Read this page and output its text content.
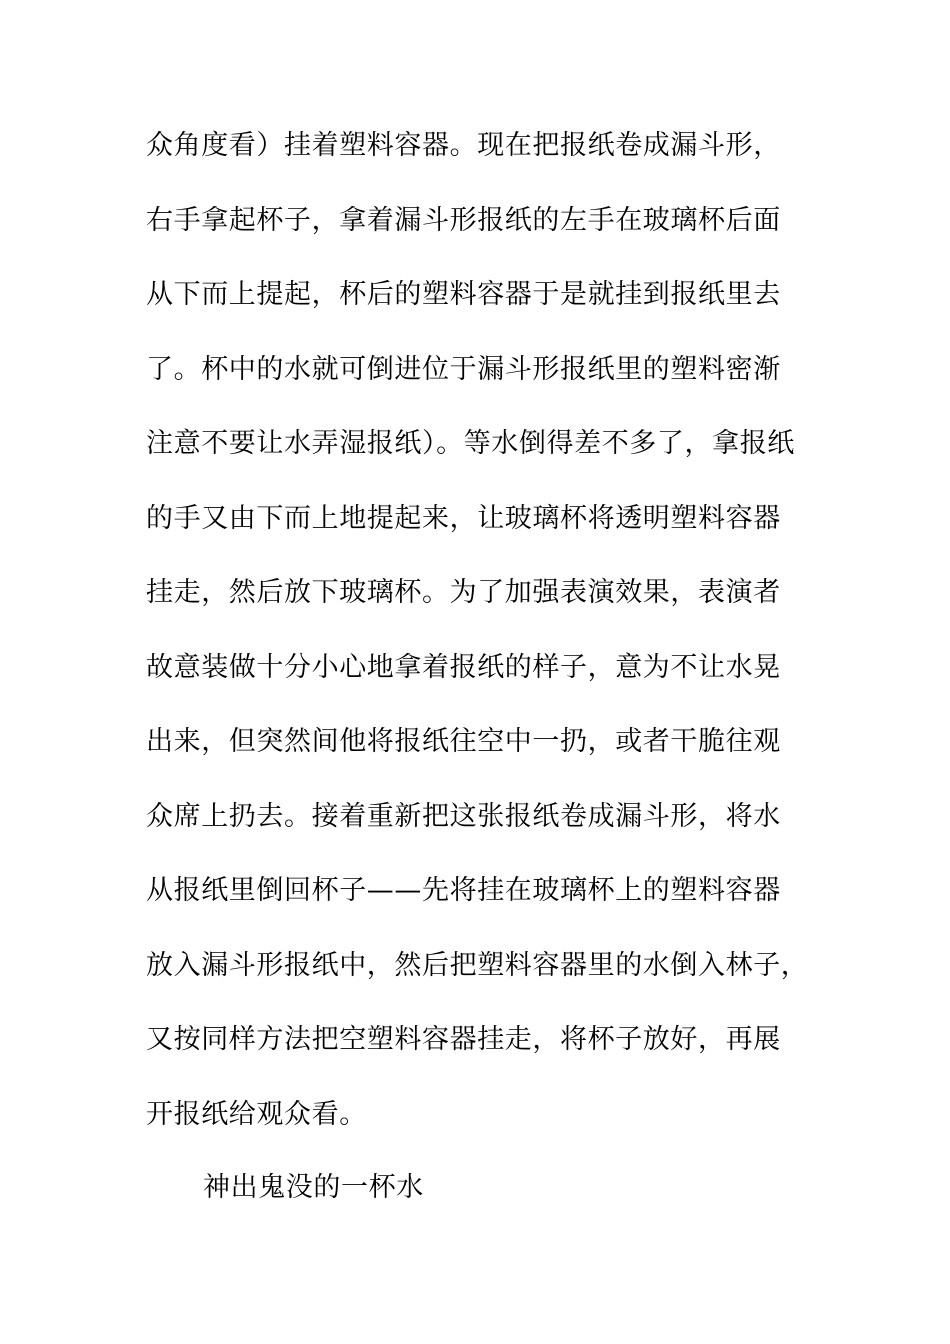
众角度看）挂着塑料容器。现在把报纸卷成漏斗形，
右手拿起杯子，拿着漏斗形报纸的左手在玻璃杯后面
从下而上提起，杯后的塑料容器于是就挂到报纸里去
了。杯中的水就可倒进位于漏斗形报纸里的塑料密渐
注意不要让水弄湿报纸）。等水倒得差不多了，拿报纸
的手又由下而上地提起来，让玻璃杯将透明塑料容器
挂走，然后放下玻璃杯。为了加强表演效果，表演者
故意装做十分小心地拿着报纸的样子，意为不让水晃
出来，但突然间他将报纸往空中一扔，或者干脆往观
众席上扔去。接着重新把这张报纸卷成漏斗形，将水
从报纸里倒回杯子——先将挂在玻璃杯上的塑料容器
放入漏斗形报纸中，然后把塑料容器里的水倒入林子，
又按同样方法把空塑料容器挂走，将杯子放好，再展
开报纸给观众看。
神出鬼没的一杯水
